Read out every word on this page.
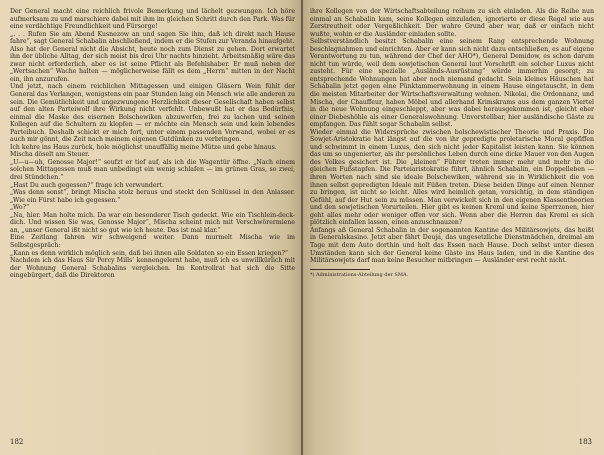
Der General macht eine reichlich frivole Bemerkung und lächelt gezwungen. Ich höre aufmerksam zu und marschiere dabei mit ihm im gleichen Schritt durch den Park. Was für eine verdächtige Freundlichkeit und Fürsorge!

„. . . Rufen Sie am Abend Kusnezow an und sagen Sie ihm, daß ich direkt nach Hause fahre“, sagt General Schabalin abschließend, indem er die Stufen zur Veranda hinaufgeht.

Also hat der General nicht die Absicht, heute noch zum Dienst zu gehen. Dort erwartet ihn der übliche Alltag, der sich meist bis drei Uhr nachts hinzieht. Arbeitsmäßig wäre das zwar nicht erforderlich, aber es ist seine Pflicht als Befehlshaber. Er muß neben der „Wertsachen“ Wache halten — möglicherweise fällt es dem „Herrn“ mitten in der Nacht ein, ihn anzurufen.

Und jetzt, nach einem reichlichen Mittagessen und einigen Gläsern Wein fühlt der General das Verlangen, wenigstens ein paar Stunden lang ein Mensch wie alle anderen zu sein. Die Gemütlichkeit und ungezwungene Herzlichkeit dieser Gesellschaft haben selbst auf den alten Parteiwolf ihre Wirkung nicht verfehlt. Unbewußt hat er das Bedürfnis, einmal die Maske des eisernen Bolschewiken abzuwerfen, frei zu lachen und seinen Kollegen auf die Schultern zu klopfen — er möchte ein Mensch sein und kein lebendes Parteibuch. Deshalb schickt er mich fort, unter einem passenden Vorwand, wobei er es auch mir gönnt, die Zeit nach meinem eigenen Gutdünken zu verbringen.

Ich kehre ins Haus zurück, hole möglichst unauffällig meine Mütze und gehe hinaus.

Mischa döselt am Steuer.

„U—u—uh, Genosse Major!“ seufzt er tief auf, als ich die Wagentür öffne. „Nach einem solchen Mittagessen muß man unbedingt ein wenig schlafen — im grünen Gras, so zwei, drei Stündchen.“

„Hast Du auch gegessen?“ frage ich verwundert.

„Was denn sonst“, bringt Mischa stolz heraus und steckt den Schlüssel in den Anlasser. „Wie ein Fürst habe ich gegessen.“

„Wo?“

„Na, hier. Man holte mich. Da war ein besonderer Tisch gedeckt. Wie ein Tischlein-deck-dich. Und wissen Sie was, Genosse Major“, Mischa scheint mich mit Verschwörermiene an, „unser General ißt nicht so gut wie ich heute. Das ist mal klar.“

Eine Zeitlang fahren wir schweigend weiter. Dann murmelt Mischa wie im Selbstgespräch:

„Kann es denn wirklich möglich sein, daß bei ihnen alle Soldaten so ein Essen kriegen?“

Nachdem ich das Haus Sir Percy Mills’ kennengelernt habe, muß ich es unwillkürlich mit der Wohnung General Schabalins vergleichen. Im Kontrollrat hat sich die Sitte eingebürgert, daß die Direktoren

182

ihre Kollegen von der Wirtschaftsabteilung reihum zu sich einladen. Als die Reihe nun einmal an Schabalin kam, seine Kollegen einzuladen, ignorierte er diese Regel wie aus Zerstreutheit oder Vergeßlichkeit. Der wahre Grund aber war, daß er einfach nicht wußte, wohin er die Ausländer einladen sollte.

Selbstverständlich besitzt Schabalin eine seinem Rang entsprechende Wohnung beschlagnahmen und einrichten. Aber er kann sich nicht dazu entschließen, es auf eigene Verantwortung zu tun, während der Chef der AHO*), General Demidow, es schon darum nicht tun würde, weil dem sowjetischen General laut Vorschrift ein solcher Luxus nicht zusteht. Für eine spezielle „Ausländs-Ausrüstung“ würde immerhin gesorgt; zu entsprechende Wohnungen hat aber noch niemand gedacht. Sein kleines Häuschen hat Schabalin jetzt gegen eine Pünktammerwohnung in einem Hause eingetauscht, in dem die meisten Mitarbeiter der Wirtschaftsverwaltung wohnen. Nikolai, die Ordonnanz, und Mischa, der Chauffeur, haben Möbel und allerhand Krimskrams aus dem ganzen Viertel in die neue Wohnung eingeschleppt, aber was dabei herausgekommen ist, gleicht eher einer Diebeshöhle als einer Generalswohnung. Unvorstellbar, hier ausländische Gäste zu empfangen. Das fühlt sogar Schabalin selbst.

Wieder einmal die Widersprüche zwischen bolschewistischer Theorie und Praxis. Die Sowjet-Aristokratie hat längst auf die von ihr gepredigte proletarische Moral gepfiffen und schwimmt in einem Luxus, den sich nicht jeder Kapitalist leisten kann. Sie können das um so ungenierter, als ihr persönliches Leben durch eine dicke Mauer von den Augen des Volkes gesichert ist. Die „kleinen“ Führer treten immer mehr und mehr in die gleichen Fußstapfen. Die Parteiaristokratie führt, ähnlich Schabalin, ein Doppelleben — ihren Worten nach sind sie ideale Bolschewiken, während sie in Wirklichkeit die von ihnen selbst gepredigten Ideale mit Füßen treten. Diese beiden Dinge auf einen Nenner zu bringen, ist nicht so leicht. Alles wird heimlich getan, vorsichtig, in dem ständigen Gefühl, auf der Hut sein zu müssen. Man verwickelt sich in den eigenen Klassentheorien und den sowjetischen Vorurteilen. Hier gibt es keinen Kreml und keine Sperrzonen, hier geht alles mehr oder weniger offen vor sich. Wenn aber die Herren das Kreml es sich plötzlich einfallen lassen, einen anzuschnauzen?

Anfangs aß General Schabalin in der sogenannten Kantine des Militärsowjets, das heißt in Generalskasino. Jetzt aber fährt Deuja, das ungesetzliche Dienstmädchen, dreimal am Tage mit dem Auto dorthin und holt das Essen nach Hause. Doch selbst unter diesen Umständen kann sich der General keine Gäste ins Haus laden, und in die Kantine des Militärsowjets darf man keine Besucher mitbringen — Ausländer erst recht nicht.

*) Administrations-Abteilung der SMA.

183
